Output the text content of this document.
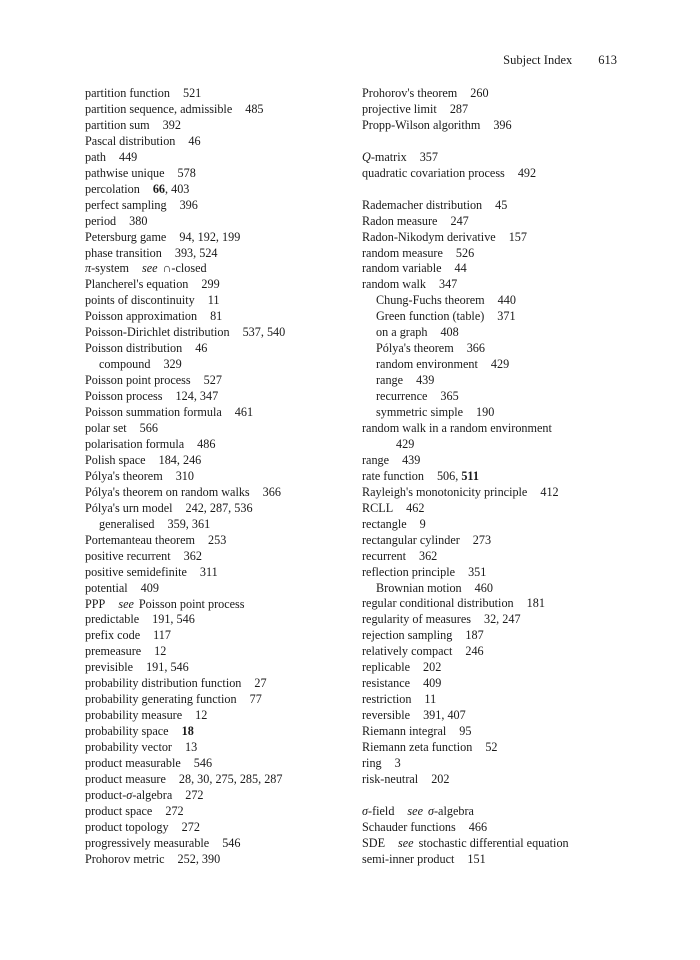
Subject Index 613
partition function 521
partition sequence, admissible 485
partition sum 392
Pascal distribution 46
path 449
pathwise unique 578
percolation 66, 403
perfect sampling 396
period 380
Petersburg game 94, 192, 199
phase transition 393, 524
π-system see ∩-closed
Plancherel's equation 299
points of discontinuity 11
Poisson approximation 81
Poisson-Dirichlet distribution 537, 540
Poisson distribution 46
compound 329
Poisson point process 527
Poisson process 124, 347
Poisson summation formula 461
polar set 566
polarisation formula 486
Polish space 184, 246
Pólya's theorem 310
Pólya's theorem on random walks 366
Pólya's urn model 242, 287, 536
generalised 359, 361
Portemanteau theorem 253
positive recurrent 362
positive semidefinite 311
potential 409
PPP see Poisson point process
predictable 191, 546
prefix code 117
premeasure 12
previsible 191, 546
probability distribution function 27
probability generating function 77
probability measure 12
probability space 18
probability vector 13
product measurable 546
product measure 28, 30, 275, 285, 287
product-σ-algebra 272
product space 272
product topology 272
progressively measurable 546
Prohorov metric 252, 390
Prohorov's theorem 260
projective limit 287
Propp-Wilson algorithm 396
Q-matrix 357
quadratic covariation process 492
Rademacher distribution 45
Radon measure 247
Radon-Nikodym derivative 157
random measure 526
random variable 44
random walk 347
Chung-Fuchs theorem 440
Green function (table) 371
on a graph 408
Pólya's theorem 366
random environment 429
range 439
recurrence 365
symmetric simple 190
random walk in a random environment
429
range 439
rate function 506, 511
Rayleigh's monotonicity principle 412
RCLL 462
rectangle 9
rectangular cylinder 273
recurrent 362
reflection principle 351
Brownian motion 460
regular conditional distribution 181
regularity of measures 32, 247
rejection sampling 187
relatively compact 246
replicable 202
resistance 409
restriction 11
reversible 391, 407
Riemann integral 95
Riemann zeta function 52
ring 3
risk-neutral 202
σ-field see σ-algebra
Schauder functions 466
SDE see stochastic differential equation
semi-inner product 151
